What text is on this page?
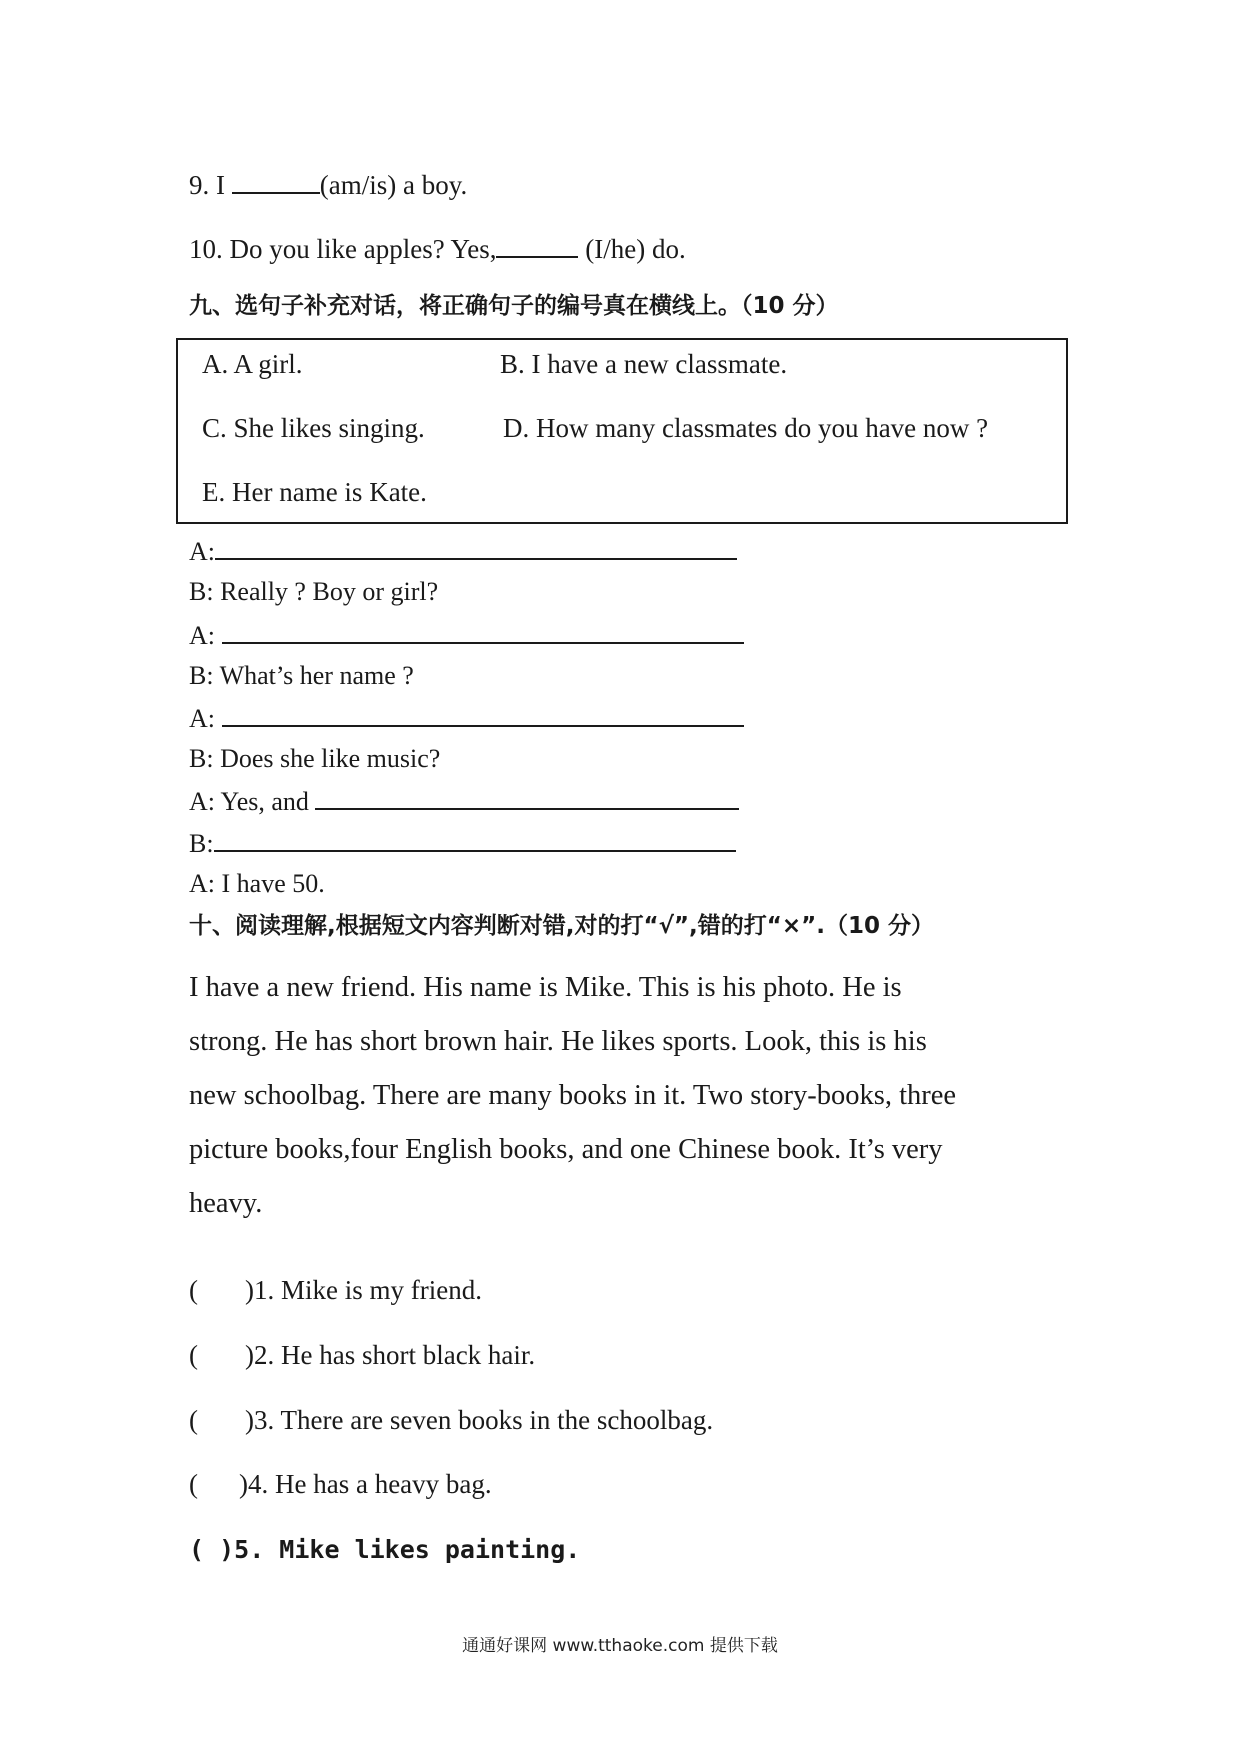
9. I	(am/is) a boy.
10. Do you like apples? Yes,	(I/he) do.
九、选句子补充对话，将正确句子的编号真在横线上。（10 分）
A. A girl.	B. I have a new classmate.
C. She likes singing.	D. How many classmates do you have now ?
E. Her name is Kate.
A:
B: Really ? Boy or girl?
A:
B: What’s her name ?
A:
B: Does she like music?
A: Yes, and
B:
A: I have 50.
十、阅读理解,根据短文内容判断对错,对的打“√”,错的打“×”.（10 分）
I have a new friend. His name is Mike. This is his photo. He is
strong. He has short brown hair. He likes sports. Look, this is his
new schoolbag. There are many books in it. Two story-books, three
picture books,four English books, and one Chinese book. It’s very
heavy.
( )1. Mike is my friend.
( )2. He has short black hair.
( )3. There are seven books in the schoolbag.
( )4. He has a heavy bag.
( )5. Mike likes painting.
通通好课网 www.tthaoke.com 提供下载
